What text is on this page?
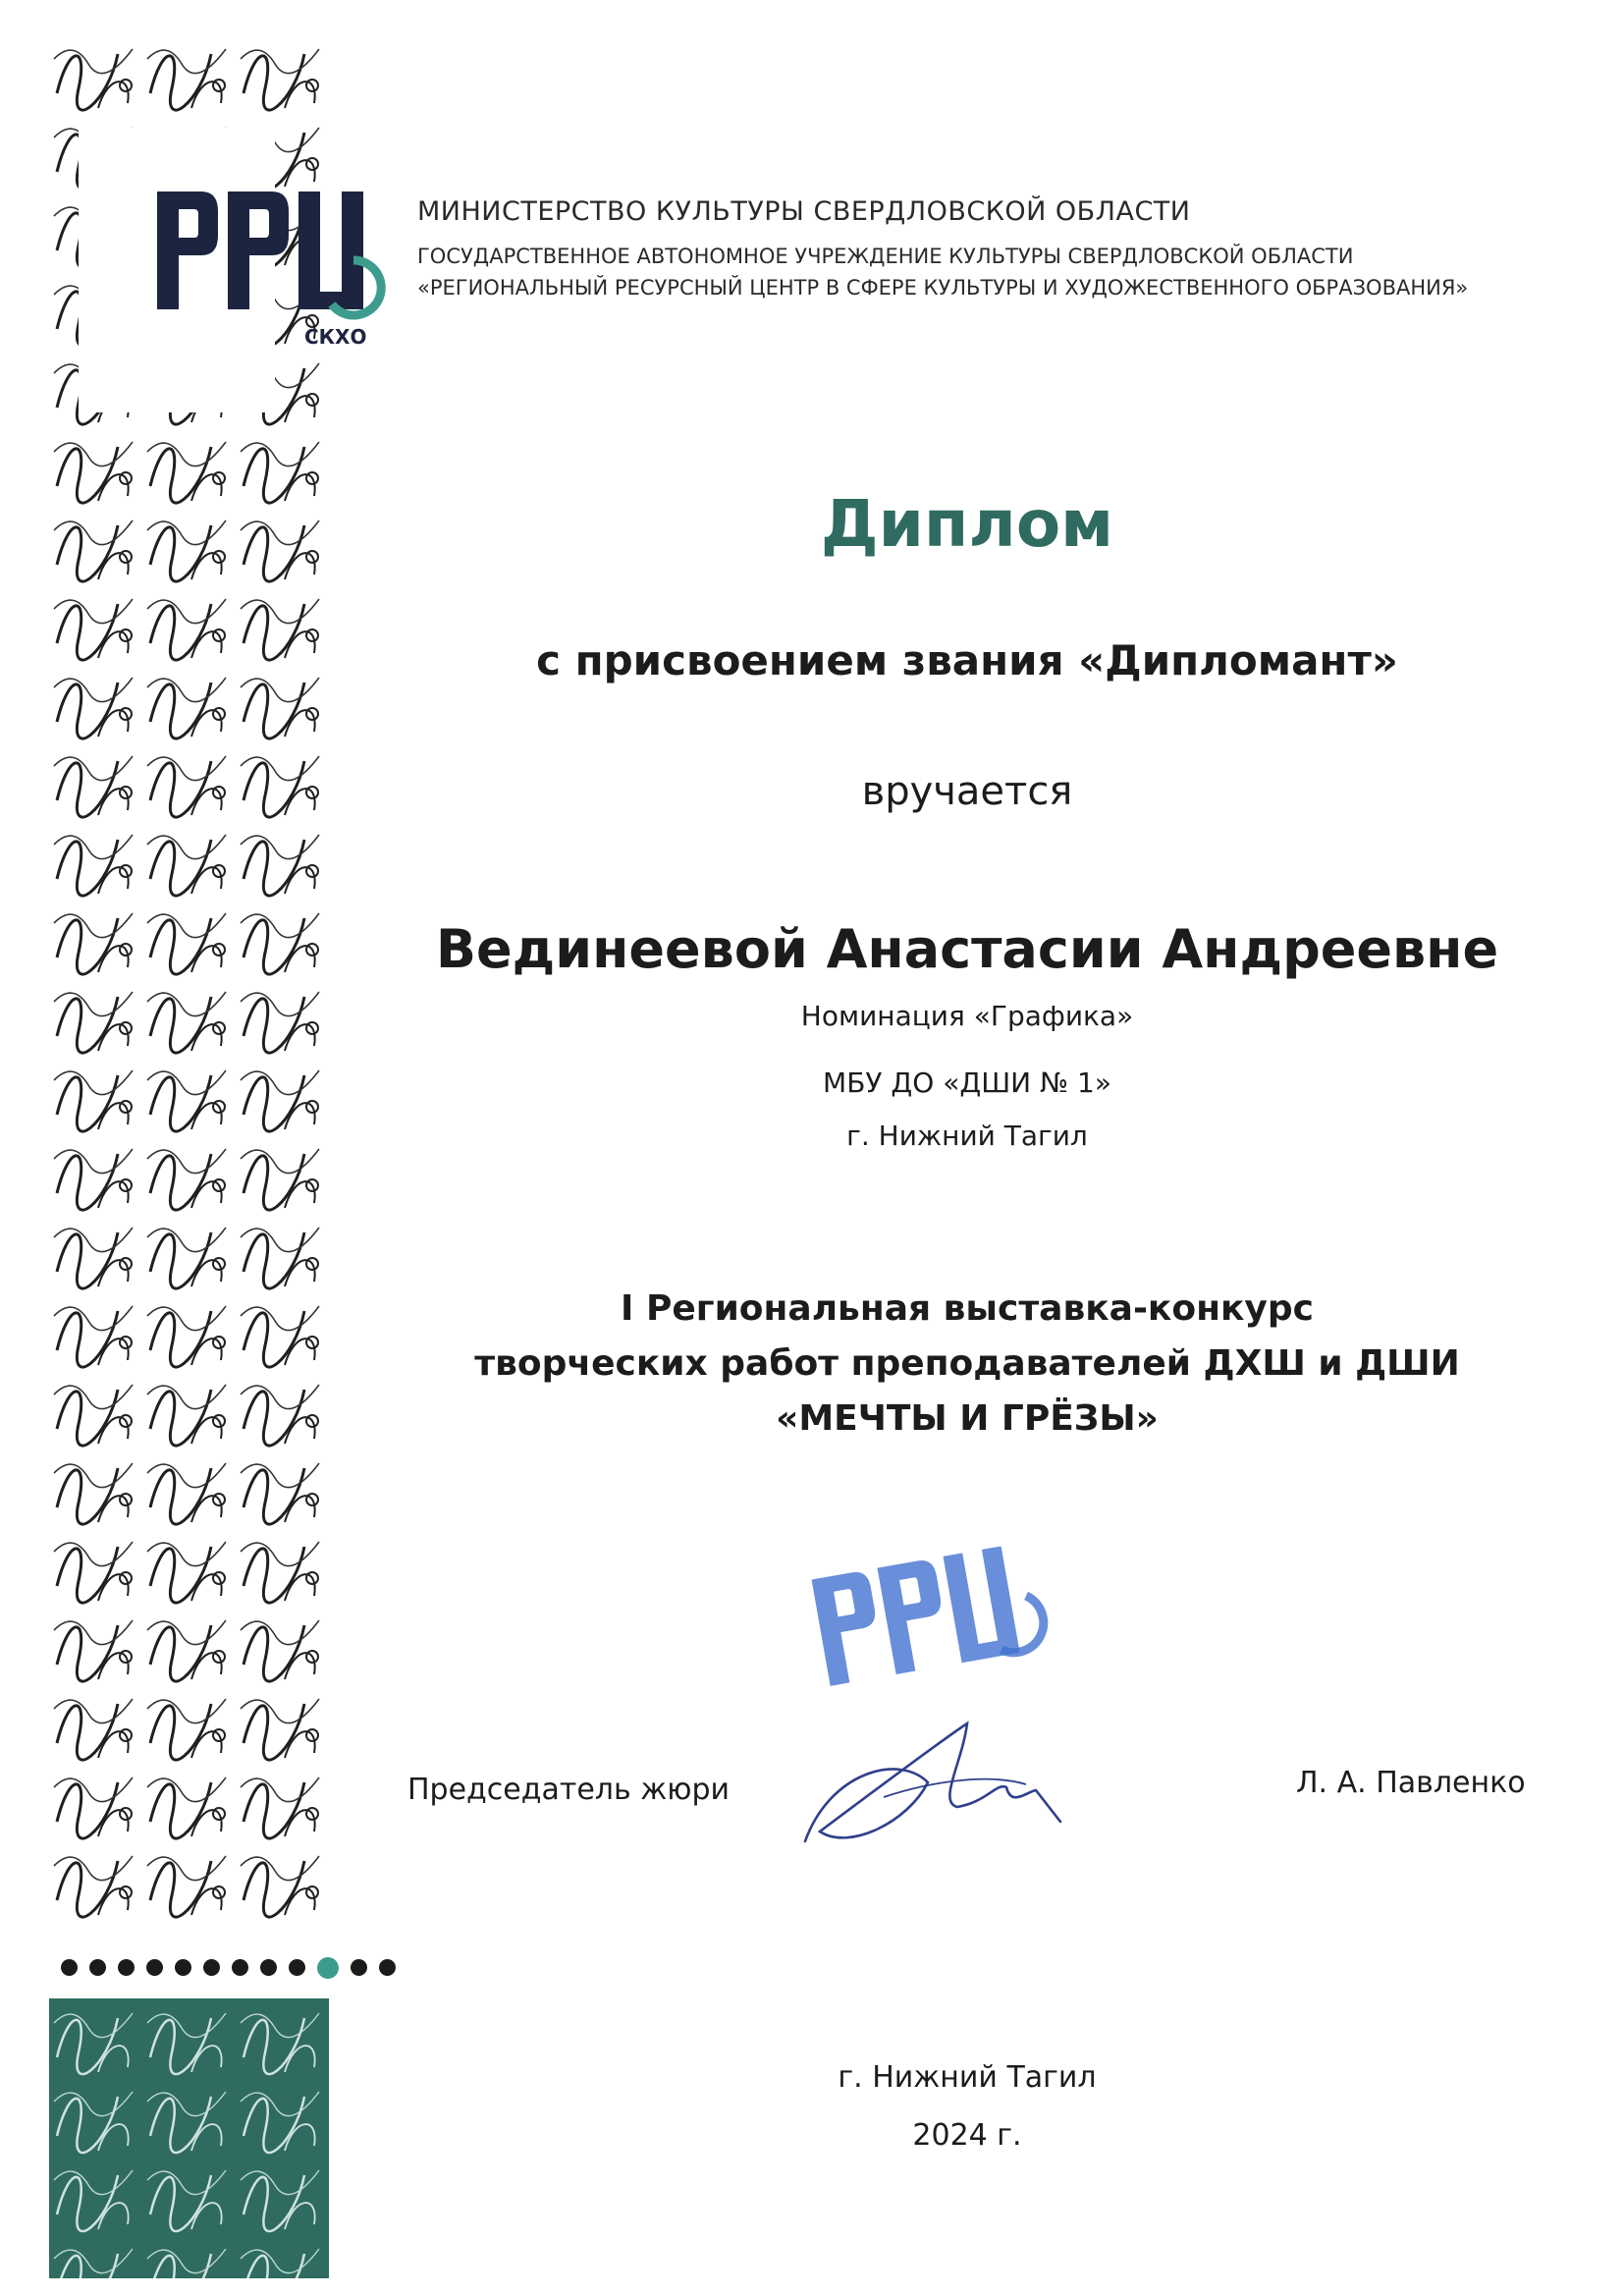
СКХО
МИНИСТЕРСТВО КУЛЬТУРЫ СВЕРДЛОВСКОЙ ОБЛАСТИ
ГОСУДАРСТВЕННОЕ АВТОНОМНОЕ УЧРЕЖДЕНИЕ КУЛЬТУРЫ СВЕРДЛОВСКОЙ ОБЛАСТИ
«РЕГИОНАЛЬНЫЙ РЕСУРСНЫЙ ЦЕНТР В СФЕРЕ КУЛЬТУРЫ И ХУДОЖЕСТВЕННОГО ОБРАЗОВАНИЯ»
Диплом
с присвоением звания «Дипломант»
вручается
Вединеевой Анастасии Андреевне
Номинация «Графика»
МБУ ДО «ДШИ № 1»
г. Нижний Тагил
I Региональная выставка-конкурс
творческих работ преподавателей ДХШ и ДШИ
«МЕЧТЫ И ГРЁЗЫ»
Председатель жюри	Л. А. Павленко
г. Нижний Тагил
2024 г.
